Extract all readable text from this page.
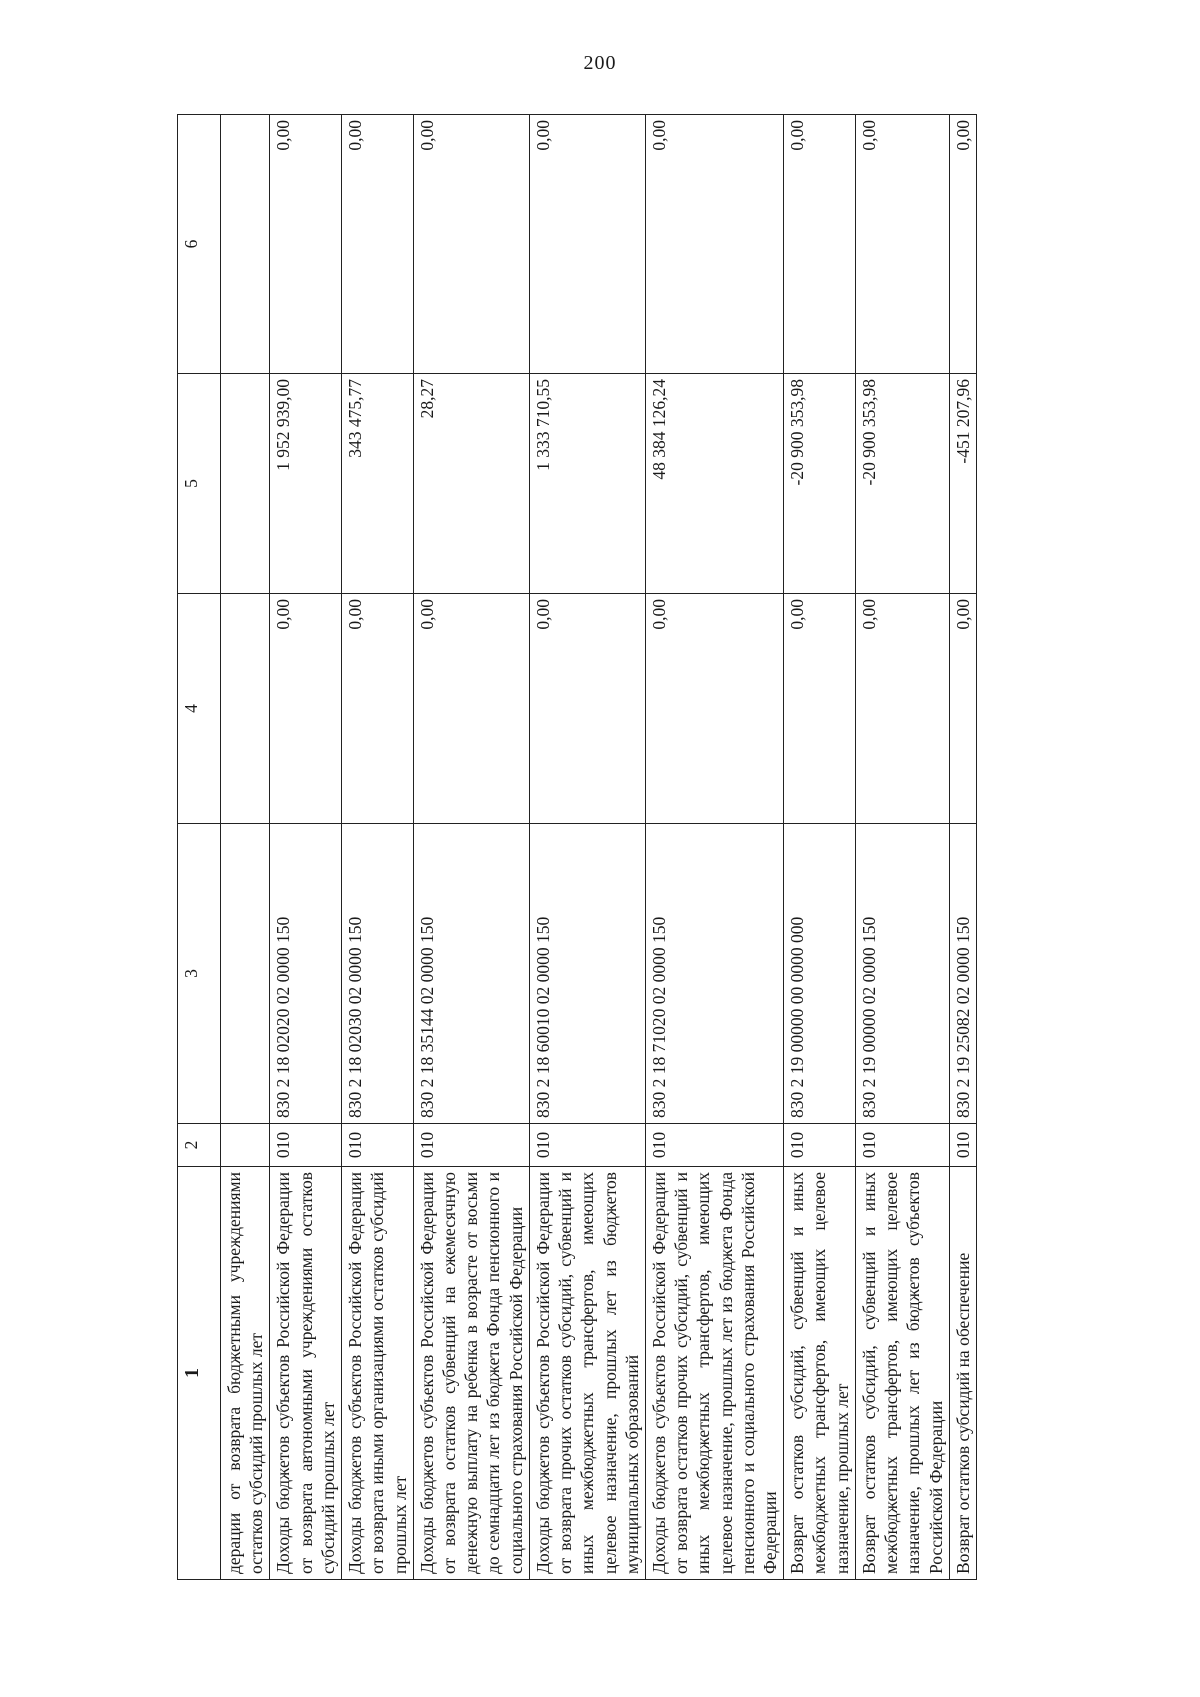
200
1	2	3	4	5	6
дерации от возврата бюджетными учреждениями остатков субсидий прошлых лет					
Доходы бюджетов субъектов Российской Федерации от возврата автономными учреждениями остатков субсидий прошлых лет	010	830 2 18 02020 02 0000 150	0,00	1 952 939,00	0,00
Доходы бюджетов субъектов Российской Федерации от возврата иными организациями остатков субсидий прошлых лет	010	830 2 18 02030 02 0000 150	0,00	343 475,77	0,00
Доходы бюджетов субъектов Российской Федерации от возврата остатков субвенций на ежемесячную денежную выплату на ребенка в возрасте от восьми до семнадцати лет из бюджета Фонда пенсионного и социального страхования Российской Федерации	010	830 2 18 35144 02 0000 150	0,00	28,27	0,00
Доходы бюджетов субъектов Российской Федерации от возврата прочих остатков субсидий, субвенций и иных межбюджетных трансфертов, имеющих целевое назначение, прошлых лет из бюджетов муниципальных образований	010	830 2 18 60010 02 0000 150	0,00	1 333 710,55	0,00
Доходы бюджетов субъектов Российской Федерации от возврата остатков прочих субсидий, субвенций и иных межбюджетных трансфертов, имеющих целевое назначение, прошлых лет из бюджета Фонда пенсионного и социального страхования Российской Федерации	010	830 2 18 71020 02 0000 150	0,00	48 384 126,24	0,00
Возврат остатков субсидий, субвенций и иных межбюджетных трансфертов, имеющих целевое назначение, прошлых лет	010	830 2 19 00000 00 0000 000	0,00	-20 900 353,98	0,00
Возврат остатков субсидий, субвенций и иных межбюджетных трансфертов, имеющих целевое назначение, прошлых лет из бюджетов субъектов Российской Федерации	010	830 2 19 00000 02 0000 150	0,00	-20 900 353,98	0,00
Возврат остатков субсидий на обеспечение	010	830 2 19 25082 02 0000 150	0,00	-451 207,96	0,00
